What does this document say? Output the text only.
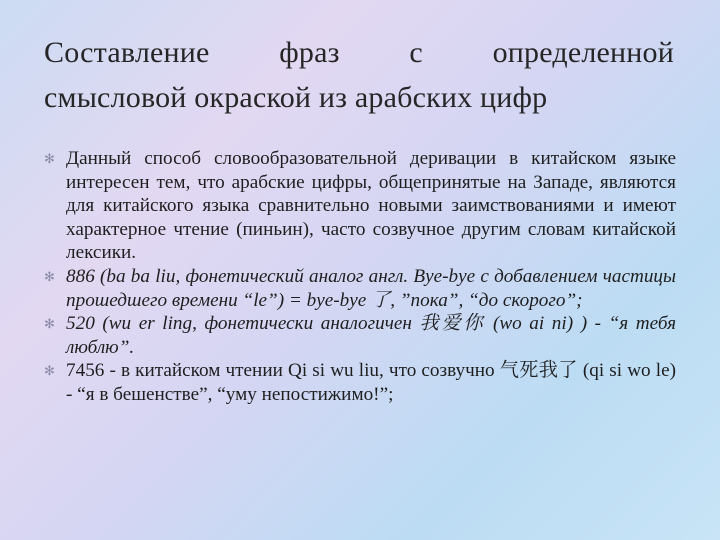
Составление фраз с определенной
смысловой окраской из арабских цифр
✻ Данный способ словообразовательной деривации в китайском языке интересен тем, что арабские цифры, общепринятые на Западе, являются для китайского языка сравнительно новыми заимствованиями и имеют характерное чтение (пиньин), часто созвучное другим словам китайской лексики.
✻ 886 (ba ba liu, фонетический аналог англ. Bye-bye с добавлением частицы прошедшего времени “le”) = bye-bye 了, ”пока”, “до скорого”;
✻ 520 (wu er ling, фонетически аналогичен 我爱你 (wo ai ni) ) - “я тебя люблю”.
✻ 7456 - в китайском чтении Qi si wu liu, что созвучно 气死我了 (qi si wo le) - “я в бешенстве”, “уму непостижимо!”;
